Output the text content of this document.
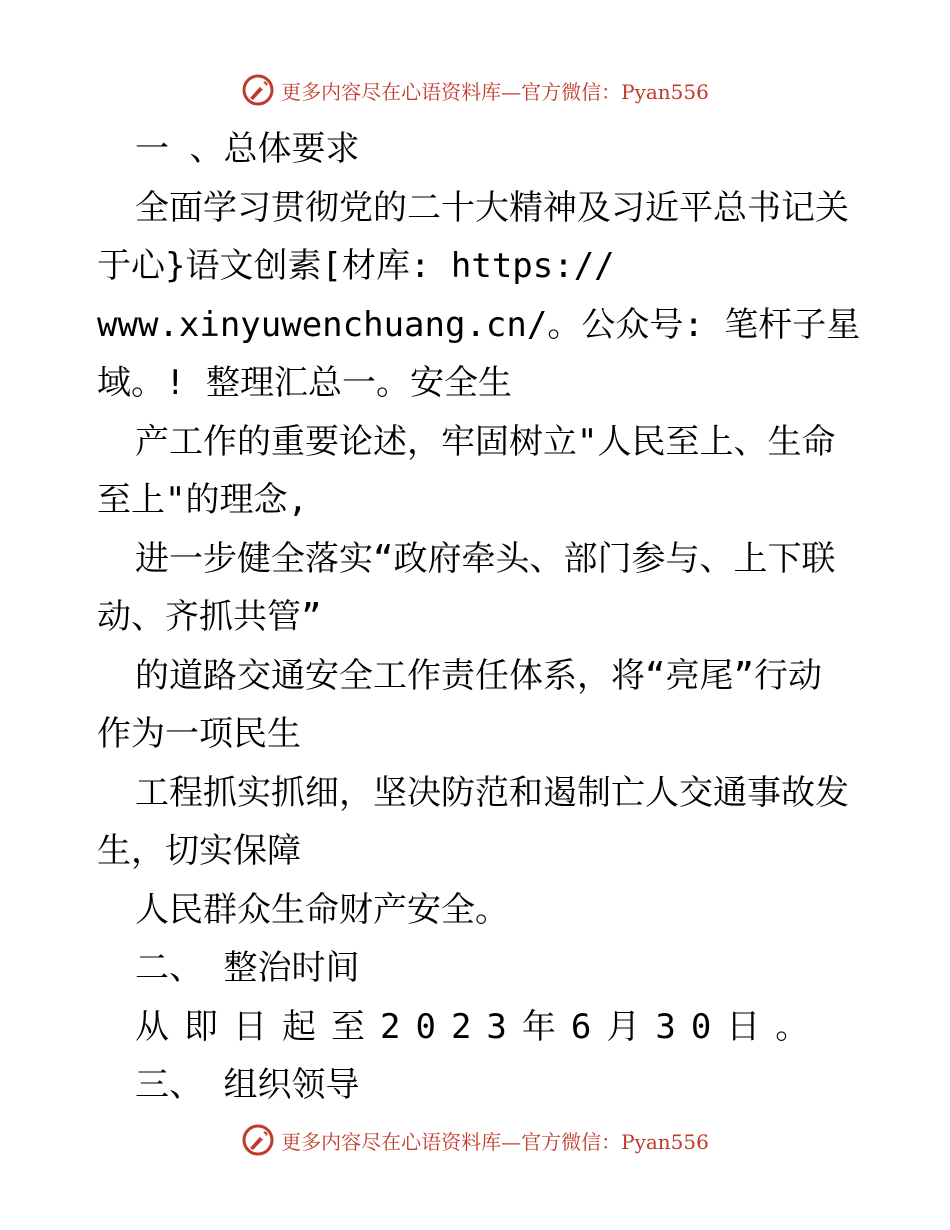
更多内容尽在心语资料库—官方微信：Pyan556
一 、总体要求
全面学习贯彻党的二十大精神及习近平总书记关
于心}语文创素[材库: https://
www.xinyuwenchuang.cn/。公众号: 笔杆子星
域。! 整理汇总一。安全生
产工作的重要论述，牢固树立"人民至上、生命
至上"的理念,
进一步健全落实“政府牵头、部门参与、上下联
动、齐抓共管”
的道路交通安全工作责任体系，将“亮尾”行动
作为一项民生
工程抓实抓细，坚决防范和遏制亡人交通事故发
生，切实保障
人民群众生命财产安全。
二、 整治时间
从即日起至2023年6月30日。
三、 组织领导
更多内容尽在心语资料库—官方微信：Pyan556
